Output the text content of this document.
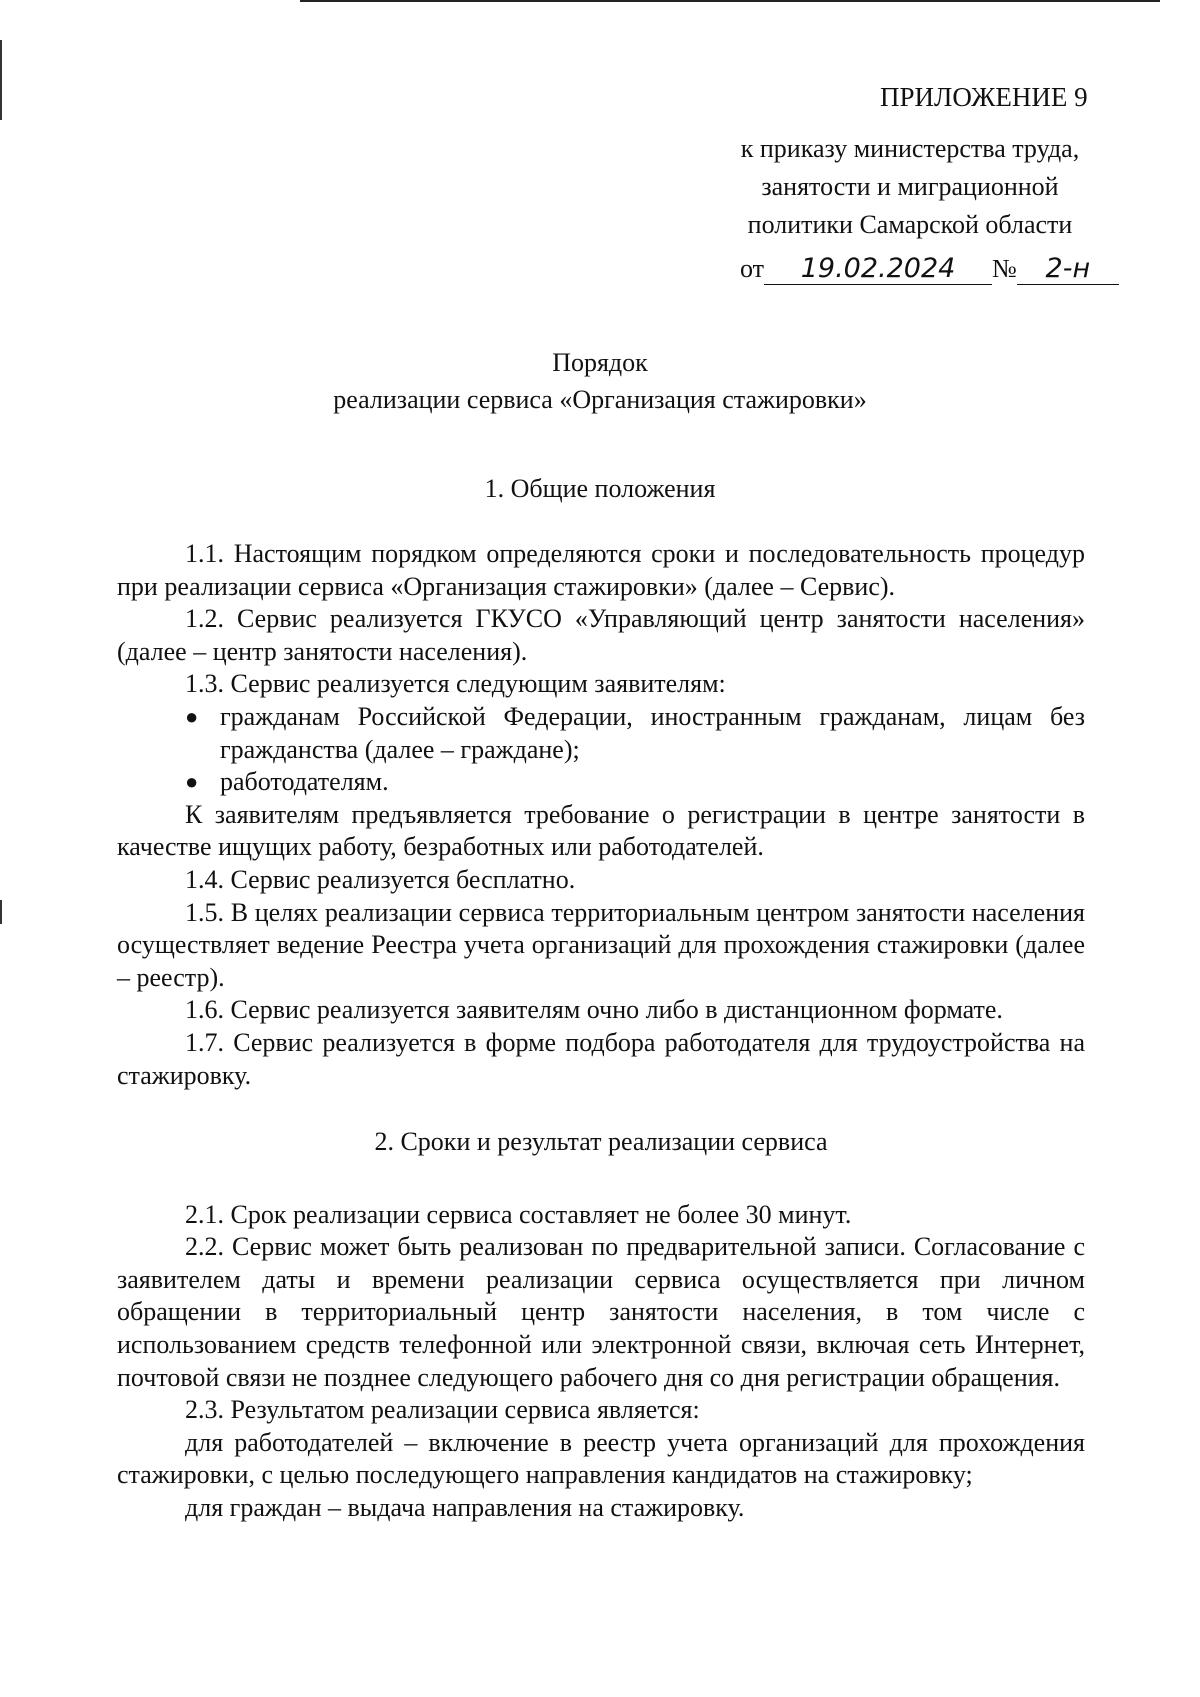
ПРИЛОЖЕНИЕ 9
к приказу министерства труда,
занятости и миграционной
политики Самарской области
от 19.02.2024 № 2-н
Порядок
реализации сервиса «Организация стажировки»
1. Общие положения

1.1. Настоящим порядком определяются сроки и последовательность процедур при реализации сервиса «Организация стажировки» (далее – Сервис).

1.2. Сервис реализуется ГКУСО «Управляющий центр занятости населения» (далее – центр занятости населения).

1.3. Сервис реализуется следующим заявителям:

● гражданам Российской Федерации, иностранным гражданам, лицам без гражданства (далее – граждане);
● работодателям.

К заявителям предъявляется требование о регистрации в центре занятости в качестве ищущих работу, безработных или работодателей.

1.4. Сервис реализуется бесплатно.

1.5. В целях реализации сервиса территориальным центром занятости населения осуществляет ведение Реестра учета организаций для прохождения стажировки (далее – реестр).

1.6. Сервис реализуется заявителям очно либо в дистанционном формате.

1.7. Сервис реализуется в форме подбора работодателя для трудоустройства на стажировку.

2. Сроки и результат реализации сервиса

2.1. Срок реализации сервиса составляет не более 30 минут.

2.2. Сервис может быть реализован по предварительной записи. Согласование с заявителем даты и времени реализации сервиса осуществляется при личном обращении в территориальный центр занятости населения, в том числе с использованием средств телефонной или электронной связи, включая сеть Интернет, почтовой связи не позднее следующего рабочего дня со дня регистрации обращения.

2.3. Результатом реализации сервиса является:

для работодателей – включение в реестр учета организаций для прохождения стажировки, с целью последующего направления кандидатов на стажировку;

для граждан – выдача направления на стажировку.
